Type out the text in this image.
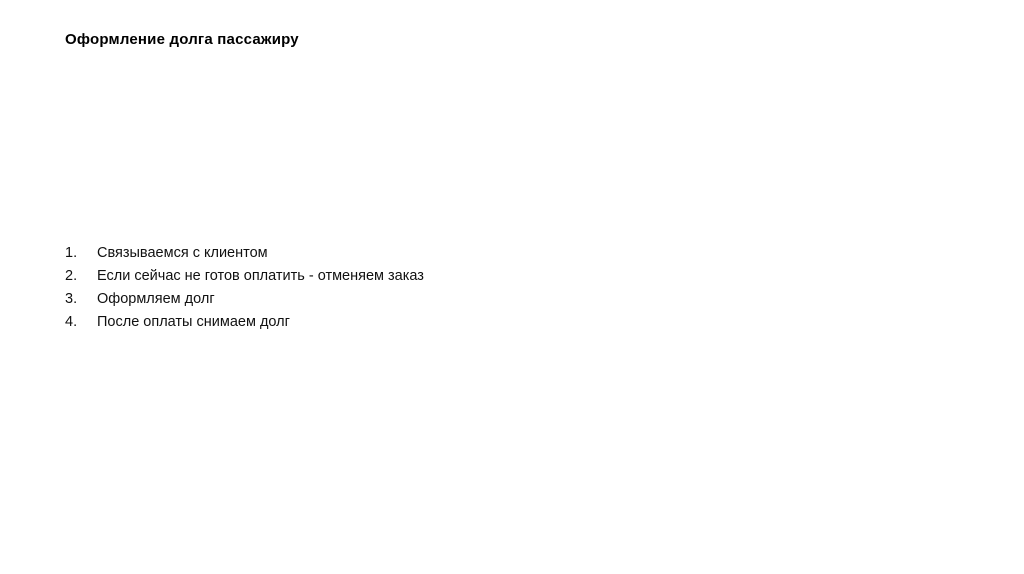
Оформление долга пассажиру
1.	Связываемся с клиентом
2.	Если сейчас не готов оплатить - отменяем заказ
3.	Оформляем долг
4.	После оплаты снимаем долг
